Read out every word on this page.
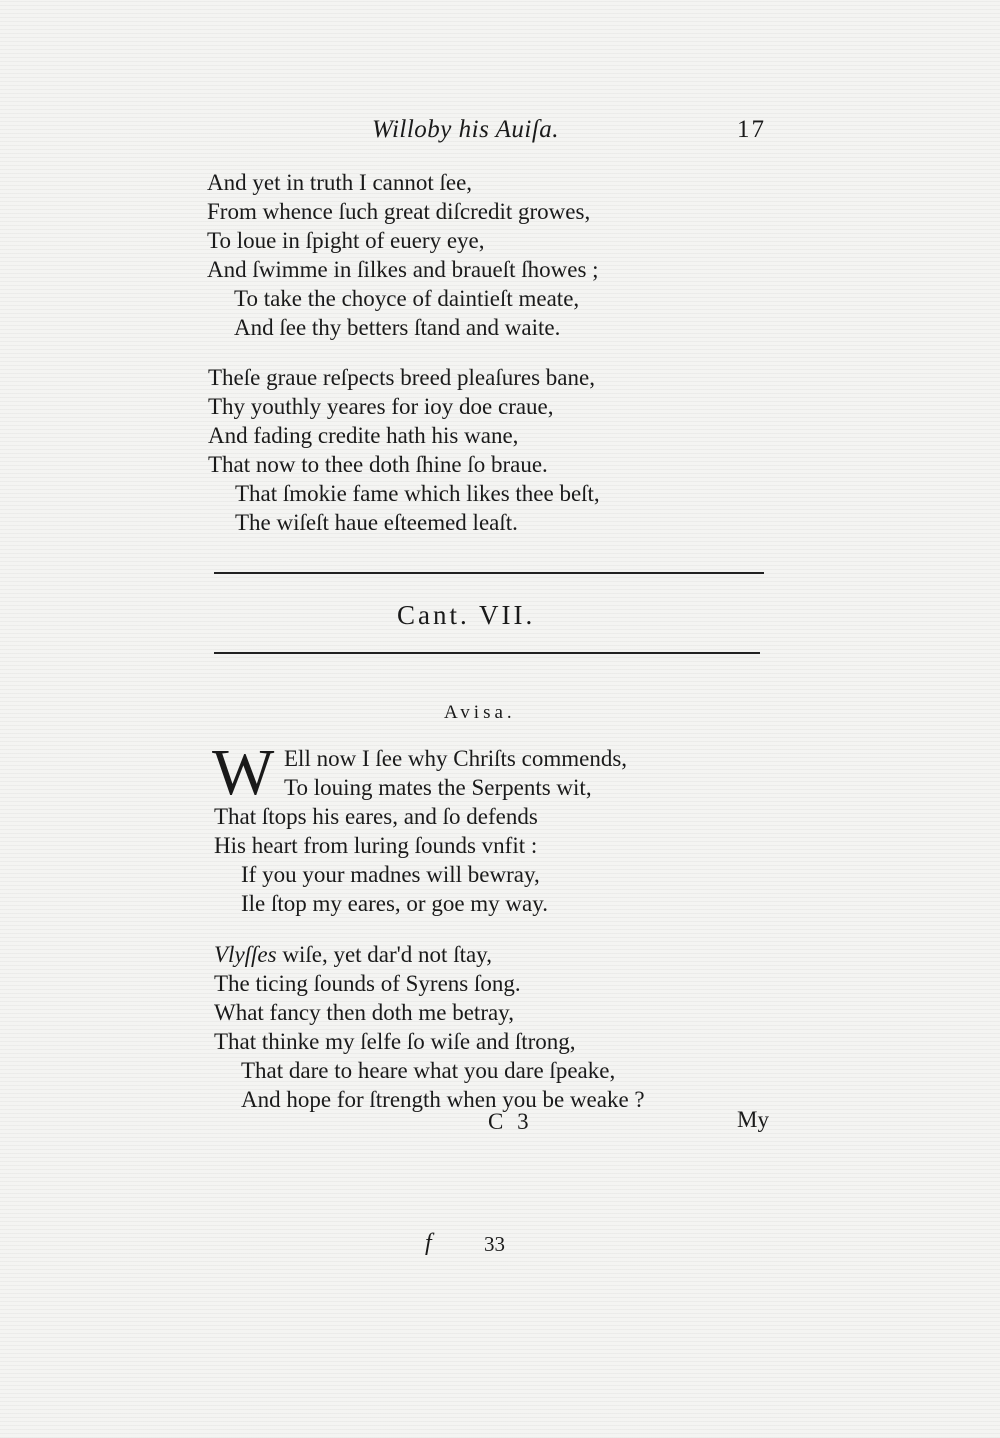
Willoby his Auiſa.	17
And yet in truth I cannot ſee,
From whence ſuch great diſcredit growes,
To loue in ſpight of euery eye,
And ſwimme in ſilkes and braueſt ſhowes ;
To take the choyce of daintieſt meate,
And ſee thy betters ſtand and waite.
Theſe graue reſpects breed pleaſures bane,
Thy youthly yeares for ioy doe craue,
And fading credite hath his wane,
That now to thee doth ſhine ſo braue.
That ſmokie fame which likes thee beſt,
The wiſeſt haue eſteemed leaſt.
Cant. VII.
Avisa.
W Ell now I ſee why Chriſts commends,
To louing mates the Serpents wit,
That ſtops his eares, and ſo defends
His heart from luring ſounds vnfit :
If you your madnes will bewray,
Ile ſtop my eares, or goe my way.
Vlyſſes wiſe, yet dar'd not ſtay,
The ticing ſounds of Syrens ſong.
What fancy then doth me betray,
That thinke my ſelfe ſo wiſe and ſtrong,
That dare to heare what you dare ſpeake,
And hope for ſtrength when you be weake ?
C 3	My
f 33
